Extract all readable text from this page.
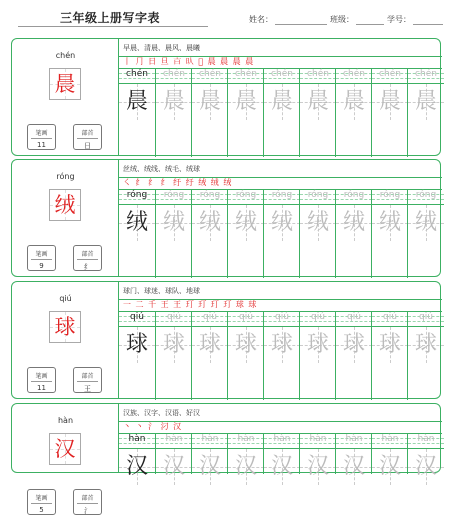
三年级上册写字表	姓名：	班级：	学号：
chén
晨
笔画
11
部首
日
早晨、清晨、晨风、晨曦
丨 ⺆ 日 旦 𣅀 𣅁 𣅂 晨 晨 晨 晨
chén
晨
chén
晨
chén
晨
chén
晨
chén
晨
chén
晨
chén
晨
chén
晨
chén
晨
róng
绒
笔画
9
部首
纟
丝绒、绒线、绒毛、绒球
㇛ 纟 纟 纟 纡 纡 绒 绒 绒
róng
绒
róng
绒
róng
绒
róng
绒
róng
绒
róng
绒
róng
绒
róng
绒
róng
绒
qiú
球
笔画
11
部首
王
球门、球迷、球队、地球
一 二 千 王 王 玎 玎 玎 玎 球 球
qiú
球
qiú
球
qiú
球
qiú
球
qiú
球
qiú
球
qiú
球
qiú
球
qiú
球
hàn
汉
笔画
5
部首
氵
汉族、汉字、汉语、好汉
丶 丶 氵 汈 汉
hàn
汉
hàn
汉
hàn
汉
hàn
汉
hàn
汉
hàn
汉
hàn
汉
hàn
汉
hàn
汉
